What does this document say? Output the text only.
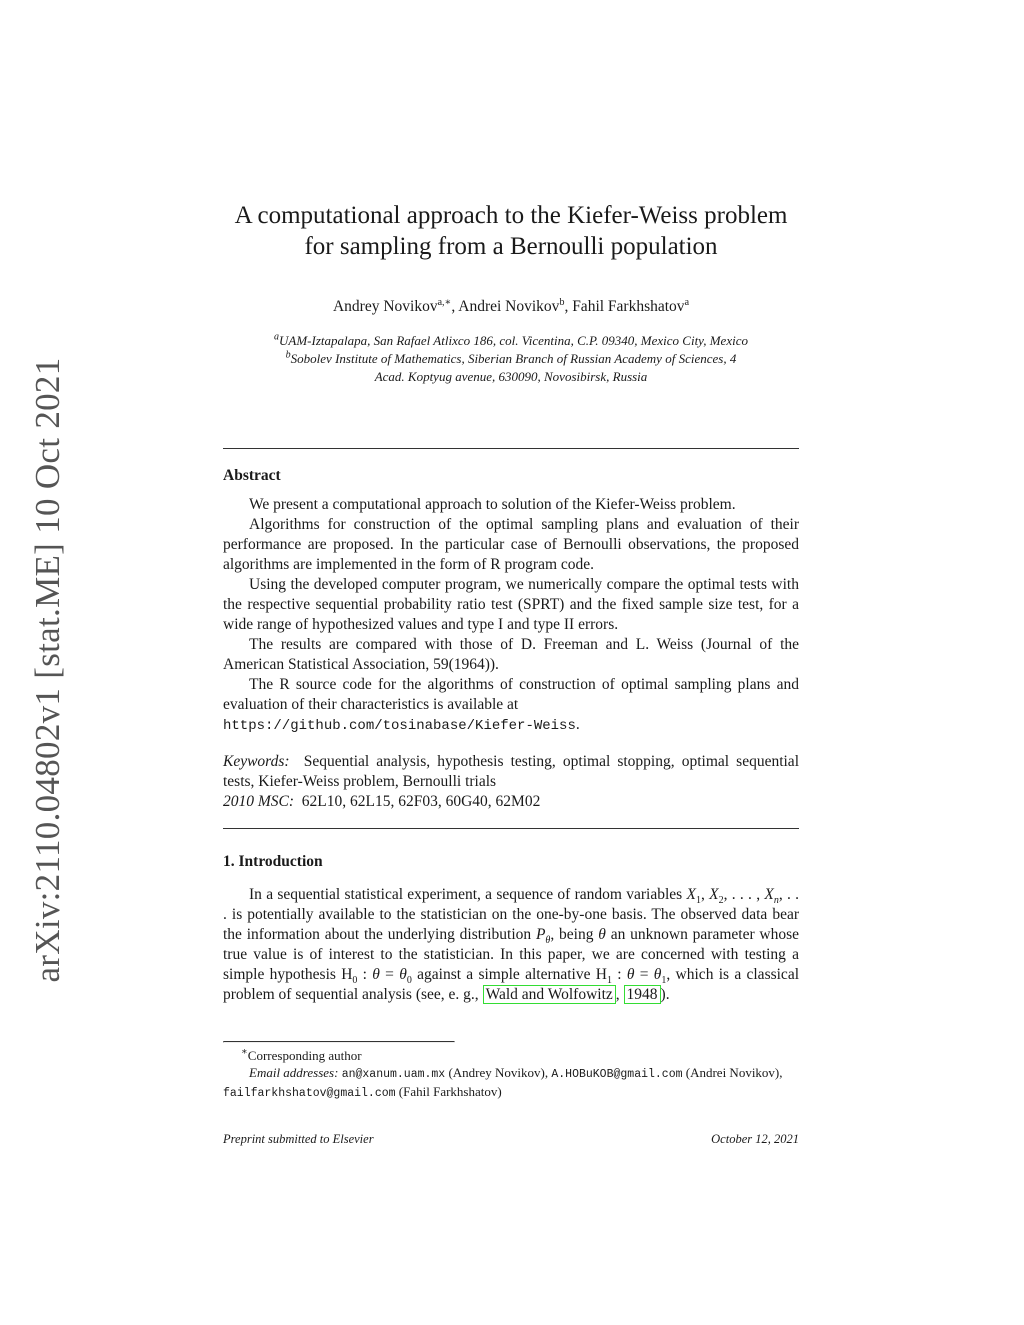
arXiv:2110.04802v1 [stat.ME] 10 Oct 2021
A computational approach to the Kiefer-Weiss problem
for sampling from a Bernoulli population
Andrey Novikov$^{a,∗}$, Andrei Novikov$^b$, Fahil Farkhshatov$^a$
$^a$UAM-Iztapalapa, San Rafael Atlixco 186, col. Vicentina, C.P. 09340, Mexico City, Mexico
$^b$Sobolev Institute of Mathematics, Siberian Branch of Russian Academy of Sciences, 4
Acad. Koptyug avenue, 630090, Novosibirsk, Russia
Abstract

We present a computational approach to solution of the Kiefer-Weiss problem.

Algorithms for construction of the optimal sampling plans and evaluation of their performance are proposed. In the particular case of Bernoulli observations, the proposed algorithms are implemented in the form of R program code.

Using the developed computer program, we numerically compare the optimal tests with the respective sequential probability ratio test (SPRT) and the fixed sample size test, for a wide range of hypothesized values and type I and type II errors.

The results are compared with those of D. Freeman and L. Weiss (Journal of the American Statistical Association, 59(1964)).

The R source code for the algorithms of construction of optimal sampling plans and evaluation of their characteristics is available at
https://github.com/tosinabase/Kiefer-Weiss.

Keywords: Sequential analysis, hypothesis testing, optimal stopping, optimal sequential tests, Kiefer-Weiss problem, Bernoulli trials
2010 MSC: 62L10, 62L15, 62F03, 60G40, 62M02
1. Introduction

In a sequential statistical experiment, a sequence of random variables $X_1$, $X_2$, . . . , $X_n$, . . . is potentially available to the statistician on the one-by-one basis. The observed data bear the information about the underlying distribution $P_\theta$, being θ an unknown parameter whose true value is of interest to the statistician. In this paper, we are concerned with testing a simple hypothesis $H_0$ : $\theta = \theta_0$ against a simple alternative $H_1$ : $\theta = \theta_1$, which is a classical problem of sequential analysis (see, e. g., Wald and Wolfowitz , 1948 ).

∗Corresponding author
Email addresses: an@xanum.uam.mx (Andrey Novikov), A.HOBuKOB@gmail.com (Andrei Novikov), failfarkhshatov@gmail.com (Fahil Farkhshatov)
Preprint submitted to Elsevier	October 12, 2021
